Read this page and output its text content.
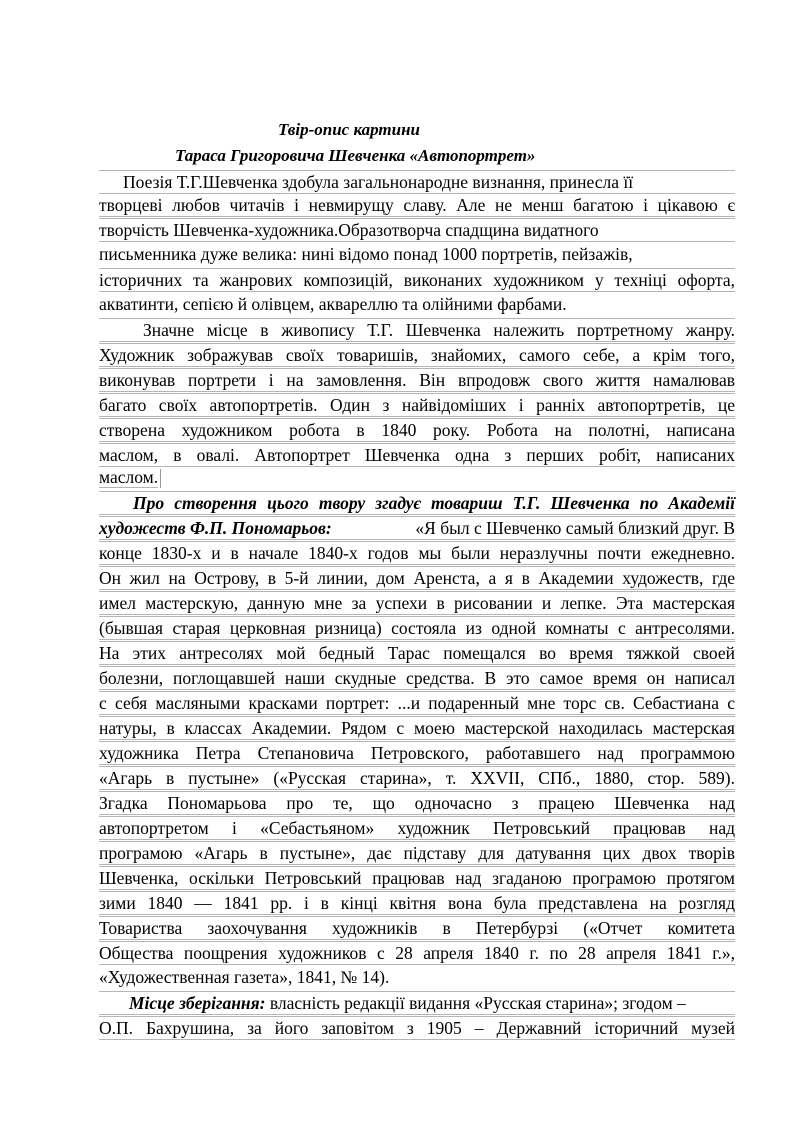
Твір-опис картини
Тараса Григоровича Шевченка «Автопортрет»
Поезія Т.Г.Шевченка здобула загальнонародне визнання, принесла її
творцеві любов читачів і невмирущу славу. Але не менш багатою і цікавою є
творчість Шевченка-художника.Образотворча спадщина видатного
письменника дуже велика: нині відомо понад 1000 портретів, пейзажів,
історичних та жанрових композицій, виконаних художником у техніці офорта,
акватинти, сепією й олівцем, аквареллю та олійними фарбами.
Значне місце в живопису Т.Г. Шевченка належить портретному жанру.
Художник зображував своїх товаришів, знайомих, самого себе, а крім того,
виконував портрети і на замовлення. Він впродовж свого життя намалював
багато своїх автопортретів. Один з найвідоміших і ранніх автопортретів, це
створена художником робота в 1840 року. Робота на полотні, написана
маслом, в овалі. Автопортрет Шевченка одна з перших робіт, написаних
маслом.
Про створення цього твору згадує товариш Т.Г. Шевченка по Академії
художеств Ф.П. Пономарьов:	«Я был с Шевченко самый близкий друг. В
конце 1830-х и в начале 1840-х годов мы были неразлучны почти ежедневно.
Он жил на Острову, в 5-й линии, дом Аренста, а я в Академии художеств, где
имел мастерскую, данную мне за успехи в рисовании и лепке. Эта мастерская
(бывшая старая церковная ризница) состояла из одной комнаты с антресолями.
На этих антресолях мой бедный Тарас помещался во время тяжкой своей
болезни, поглощавшей наши скудные средства. В это самое время он написал
с себя масляными красками портрет: ...и подаренный мне торс св. Себастиана с
натуры, в классах Академии. Рядом с моею мастерской находилась мастерская
художника Петра Степановича Петровского, работавшего над программою
«Агарь в пустыне» («Русская старина», т. XXVII, СПб., 1880, стор. 589).
Згадка Пономарьова про те, що одночасно з працею Шевченка над
автопортретом і «Себастьяном» художник Петровський працював над
програмою «Агарь в пустыне», дає підставу для датування цих двох творів
Шевченка, оскільки Петровський працював над згаданою програмою протягом
зими 1840 — 1841 рр. і в кінці квітня вона була представлена на розгляд
Товариства заохочування художників в Петербурзі («Отчет комитета
Общества поощрения художников с 28 апреля 1840 г. по 28 апреля 1841 г.»,
«Художественная газета», 1841, № 14).
Місце зберігання: власність редакції видання «Русская старина»; згодом –
О.П. Бахрушина, за його заповітом з 1905 – Державний історичний музей
